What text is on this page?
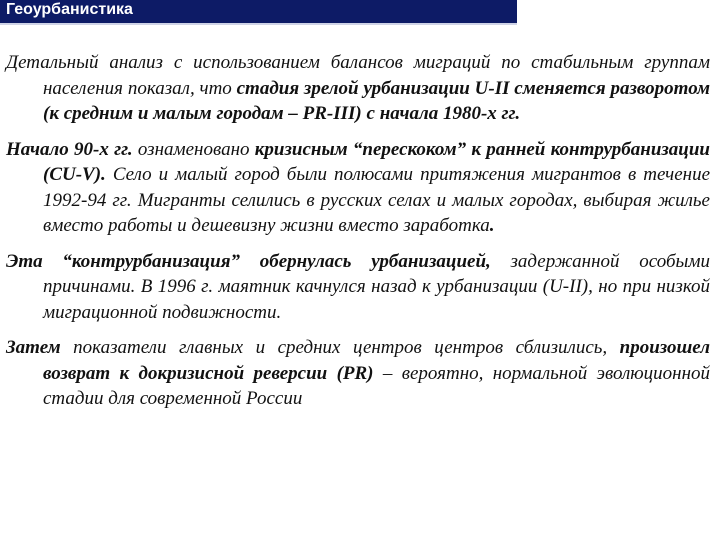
Геоурбанистика

Детальный анализ с использованием балансов миграций по стабильным группам населения показал, что стадия зрелой урбанизации U-II сменяется разворотом (к средним и малым городам – PR-III) с начала 1980-х гг.

Начало 90-х гг. ознаменовано кризисным “перескоком” к ранней контрурбанизации (CU-V). Село и малый город были полюсами притяжения мигрантов в течение 1992-94 гг. Мигранты селились в русских селах и малых городах, выбирая жилье вместо работы и дешевизну жизни вместо заработка.

Эта “контрурбанизация” обернулась урбанизацией, задержанной особыми причинами. В 1996 г. маятник качнулся назад к урбанизации (U-II), но при низкой миграционной подвижности.

Затем показатели главных и средних центров центров сблизились, произошел возврат к докризисной реверсии (PR) – вероятно, нормальной эволюционной стадии для современной России
